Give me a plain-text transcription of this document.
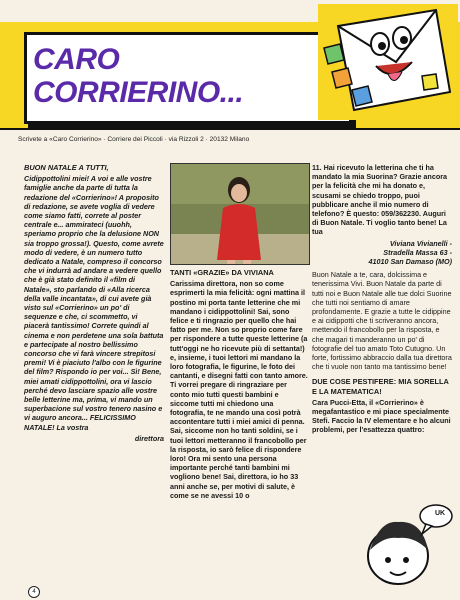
CARO
CORRIERINO...
Scrivete a «Caro Corrierino» · Corriere dei Piccoli · via Rizzoli 2 · 20132 Milano
BUON NATALE A TUTTI,
Cidippottolini miei! A voi e alle vostre famiglie anche da parte di tutta la redazione del «Corrierino»! A proposito di redazione, se avete voglia di vedere come siamo fatti, correte al poster centrale e... ammirateci (uuohh, speriamo proprio che la delusione NON sia troppo grossa!). Questo, come avrete modo di vedere, è un numero tutto dedicato a Natale, compreso il concorso che vi indurrà ad andare a vedere quello che è già stato definito il «film di Natale», sto parlando di «Alla ricerca della valle incantata», di cui avete già visto sul «Corrierino» un po' di sequenze e che, ci scommetto, vi piacerà tantissimo! Correte quindi al cinema e non perdetene una sola battuta e partecipate al nostro bellissimo concorso che vi farà vincere strepitosi premi! Vi è piaciuto l'albo con le figurine del film? Rispondo io per voi... Sì! Bene, miei amati cidippottolini, ora vi lascio perché devo lasciare spazio alle vostre belle letterine ma, prima, vi mando un superbacione sul vostro tenero nasino e vi auguro ancora... FELICISSIMO NATALE! La vostra
direttora
TANTI «GRAZIE» DA VIVIANA
Carissima direttora, non so come esprimerti la mia felicità: ogni mattina il postino mi porta tante letterine che mi mandano i cidippottolini! Sai, sono felice e ti ringrazio per quello che hai fatto per me. Non so proprio come fare per rispondere a tutte queste letterine (a tutt'oggi ne ho ricevute più di settanta!) e, insieme, i tuoi lettori mi mandano la loro fotografia, le figurine, le foto dei cantanti, e disegni fatti con tanto amore. Ti vorrei pregare di ringraziare per conto mio tutti questi bambini e siccome tutti mi chiedono una fotografia, te ne mando una così potrà accontentare tutti i miei amici di penna. Sai, siccome non ho tanti soldini, se i tuoi lettori metteranno il francobollo per la risposta, io sarò felice di rispondere loro! Ora mi sento una persona importante perché tanti bambini mi vogliono bene! Sai, direttora, io ho 33 anni anche se, per motivi di salute, è come se ne avessi 10 o
11. Hai ricevuto la letterina che ti ha mandato la mia Suorina? Grazie ancora per la felicità che mi ha donato e, scusami se chiedo troppo, puoi pubblicare anche il mio numero di telefono? È questo: 059/362230. Auguri di Buon Natale. Ti voglio tanto bene! La tua
Viviana Vivianelli -
Stradella Massa 63 -
41010 San Damaso (MO)
Buon Natale a te, cara, dolcissima e tenerissima Vivi. Buon Natale da parte di tutti noi e Buon Natale alle tue dolci Suorine che tutti noi sentiamo di amare profondamente. E grazie a tutte le cidippine e ai cidippotti che ti scriveranno ancora, mettendo il francobollo per la risposta, e che magari ti manderanno un po' di fotografie del tuo amato Toto Cutugno. Un forte, fortissimo abbraccio dalla tua direttora che ti vuole non tanto ma tantissimo bene!
DUE COSE PESTIFERE: MIA SORELLA E LA MATEMATICA!
Cara Pucci-Etta, il «Corrierino» è megafantastico e mi piace specialmente Stefi. Faccio la IV elementare e ho alcuni problemi, per l'esattezza quattro:
UK
4
